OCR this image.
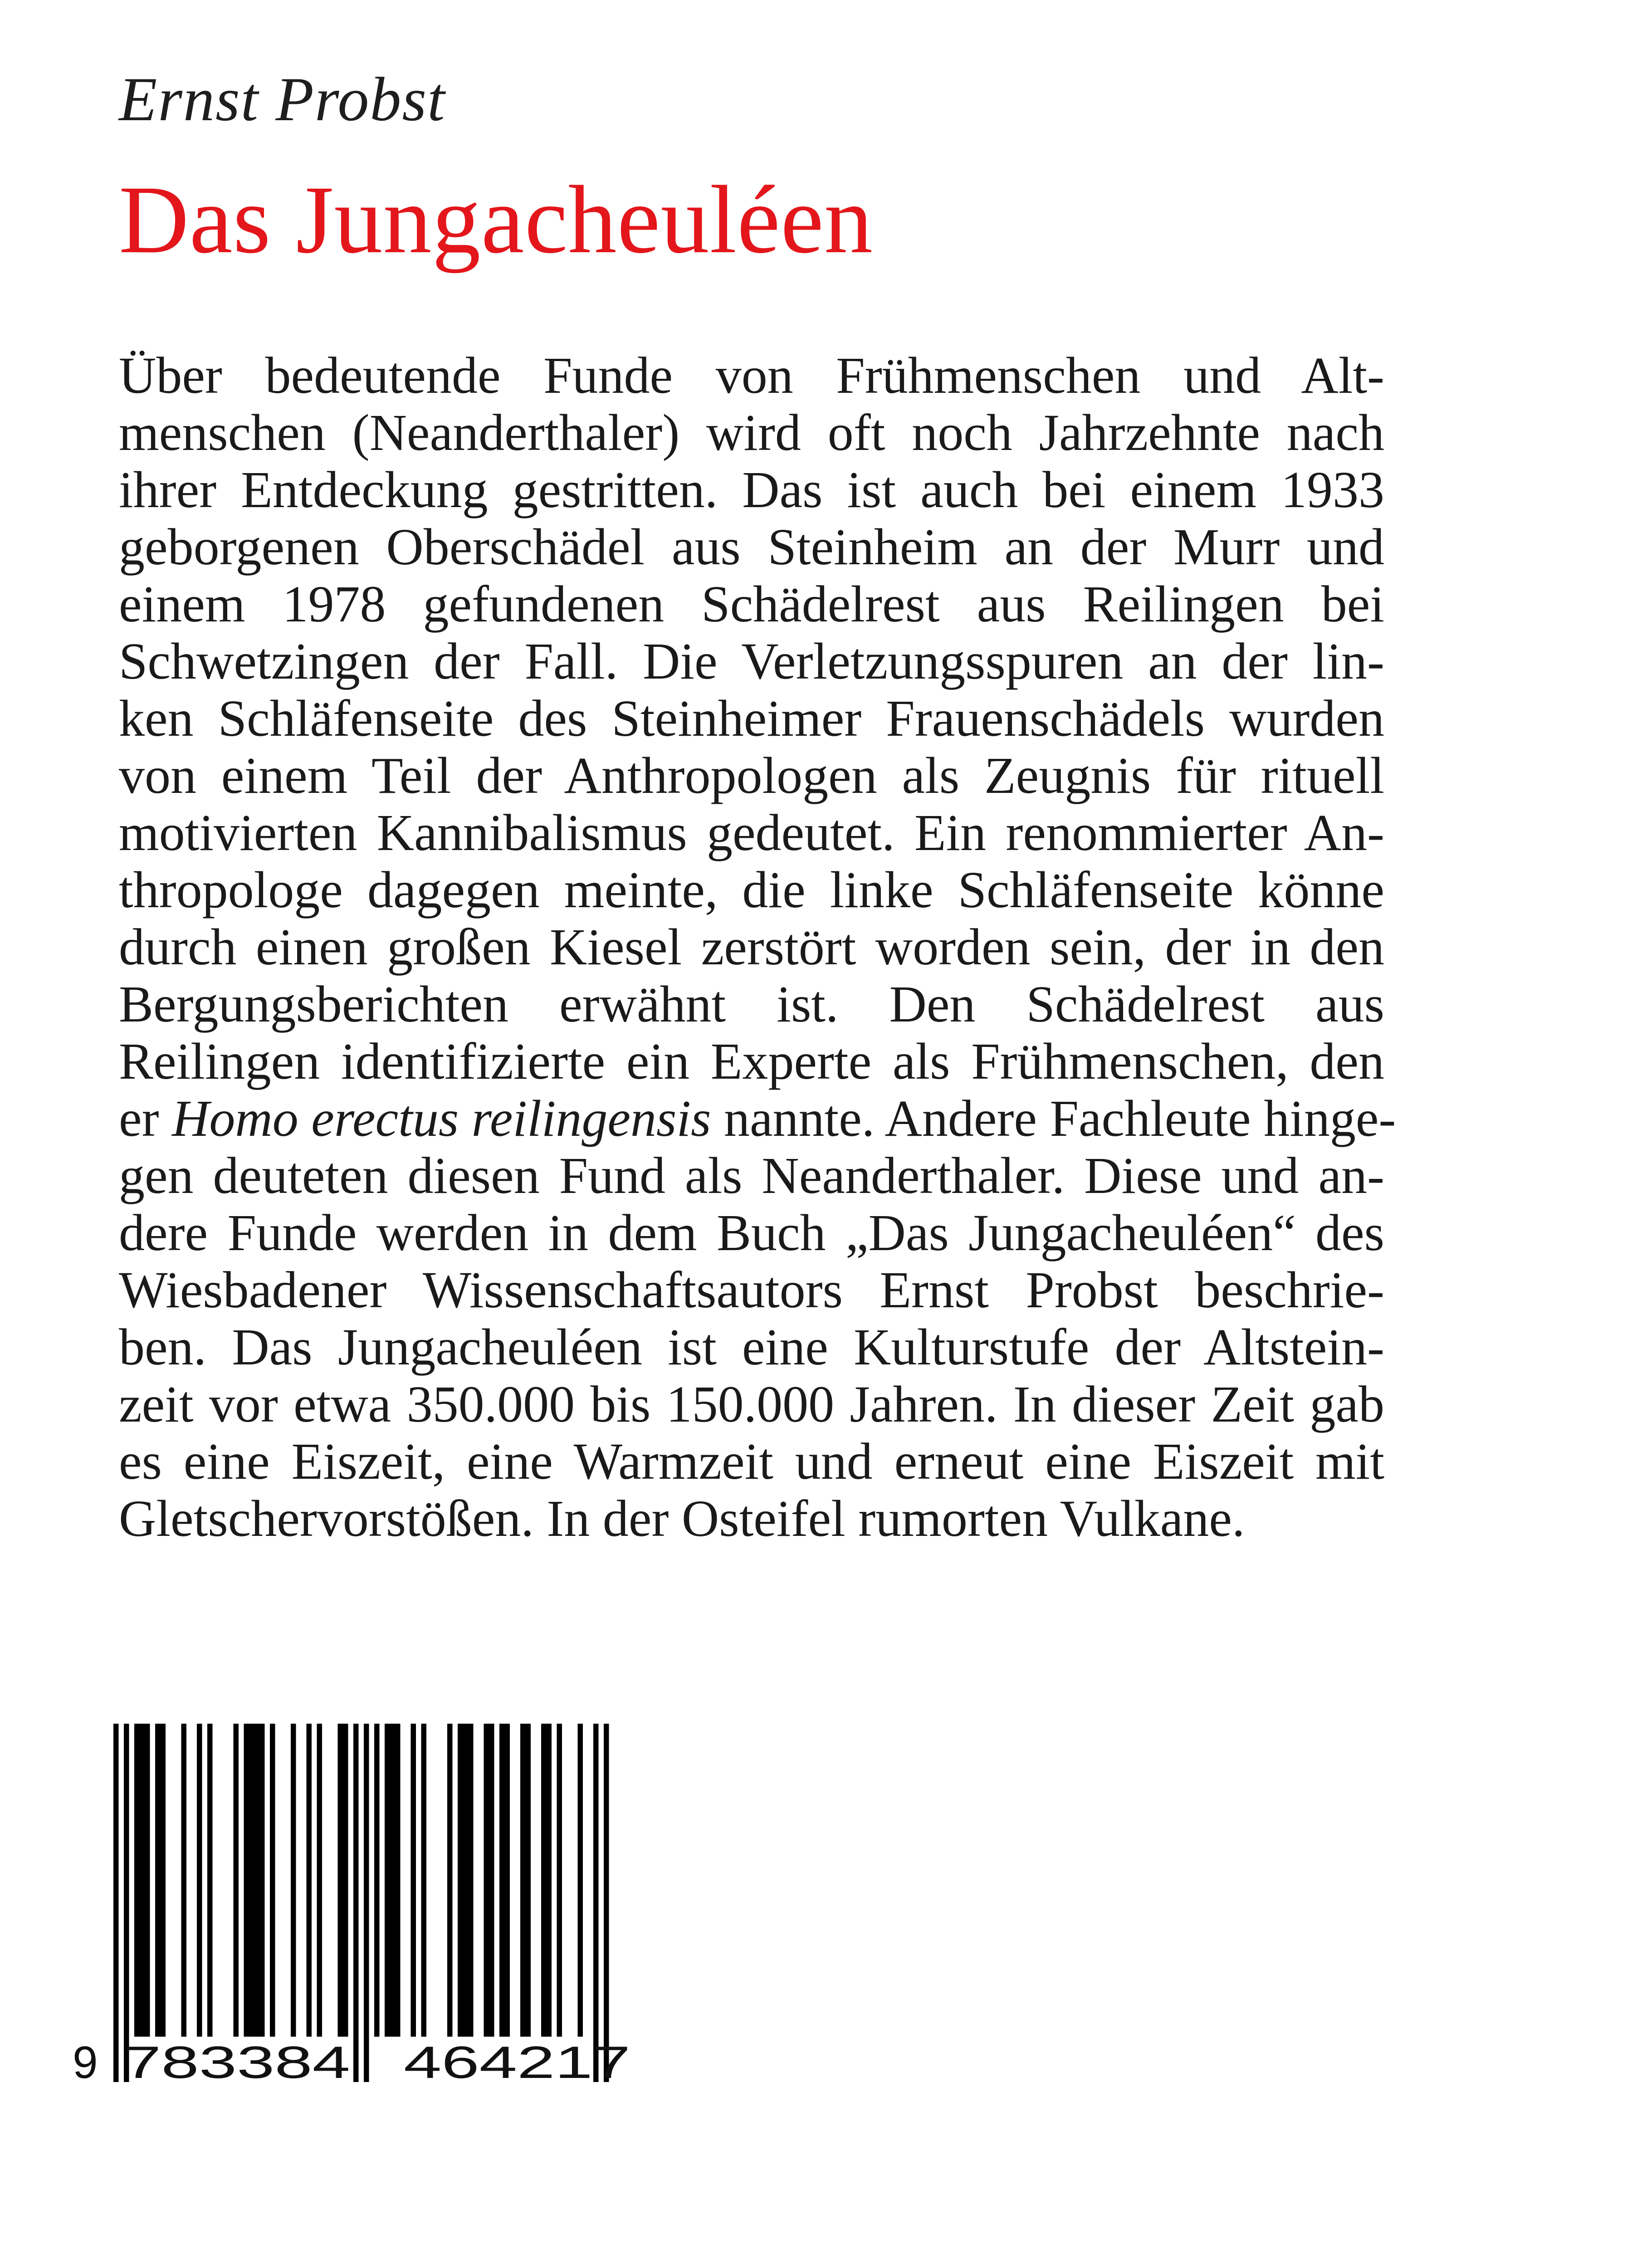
Ernst Probst
Das Jungacheuléen
Über bedeutende Funde von Frühmenschen und Alt-
menschen (Neanderthaler) wird oft noch Jahrzehnte nach
ihrer Entdeckung gestritten. Das ist auch bei einem 1933
geborgenen Oberschädel aus Steinheim an der Murr und
einem 1978 gefundenen Schädelrest aus Reilingen bei
Schwetzingen der Fall. Die Verletzungsspuren an der lin-
ken Schläfenseite des Steinheimer Frauenschädels wurden
von einem Teil der Anthropologen als Zeugnis für rituell
motivierten Kannibalismus gedeutet. Ein renommierter An-
thropologe dagegen meinte, die linke Schläfenseite könne
durch einen großen Kiesel zerstört worden sein, der in den
Bergungsberichten erwähnt ist. Den Schädelrest aus
Reilingen identifizierte ein Experte als Frühmenschen, den
er Homo erectus reilingensis nannte. Andere Fachleute hinge-
gen deuteten diesen Fund als Neanderthaler. Diese und an-
dere Funde werden in dem Buch „Das Jungacheuléen“ des
Wiesbadener Wissenschaftsautors Ernst Probst beschrie-
ben. Das Jungacheuléen ist eine Kulturstufe der Altstein-
zeit vor etwa 350.000 bis 150.000 Jahren. In dieser Zeit gab
es eine Eiszeit, eine Warmzeit und erneut eine Eiszeit mit
Gletschervorstößen. In der Osteifel rumorten Vulkane.
9 783384 464217
